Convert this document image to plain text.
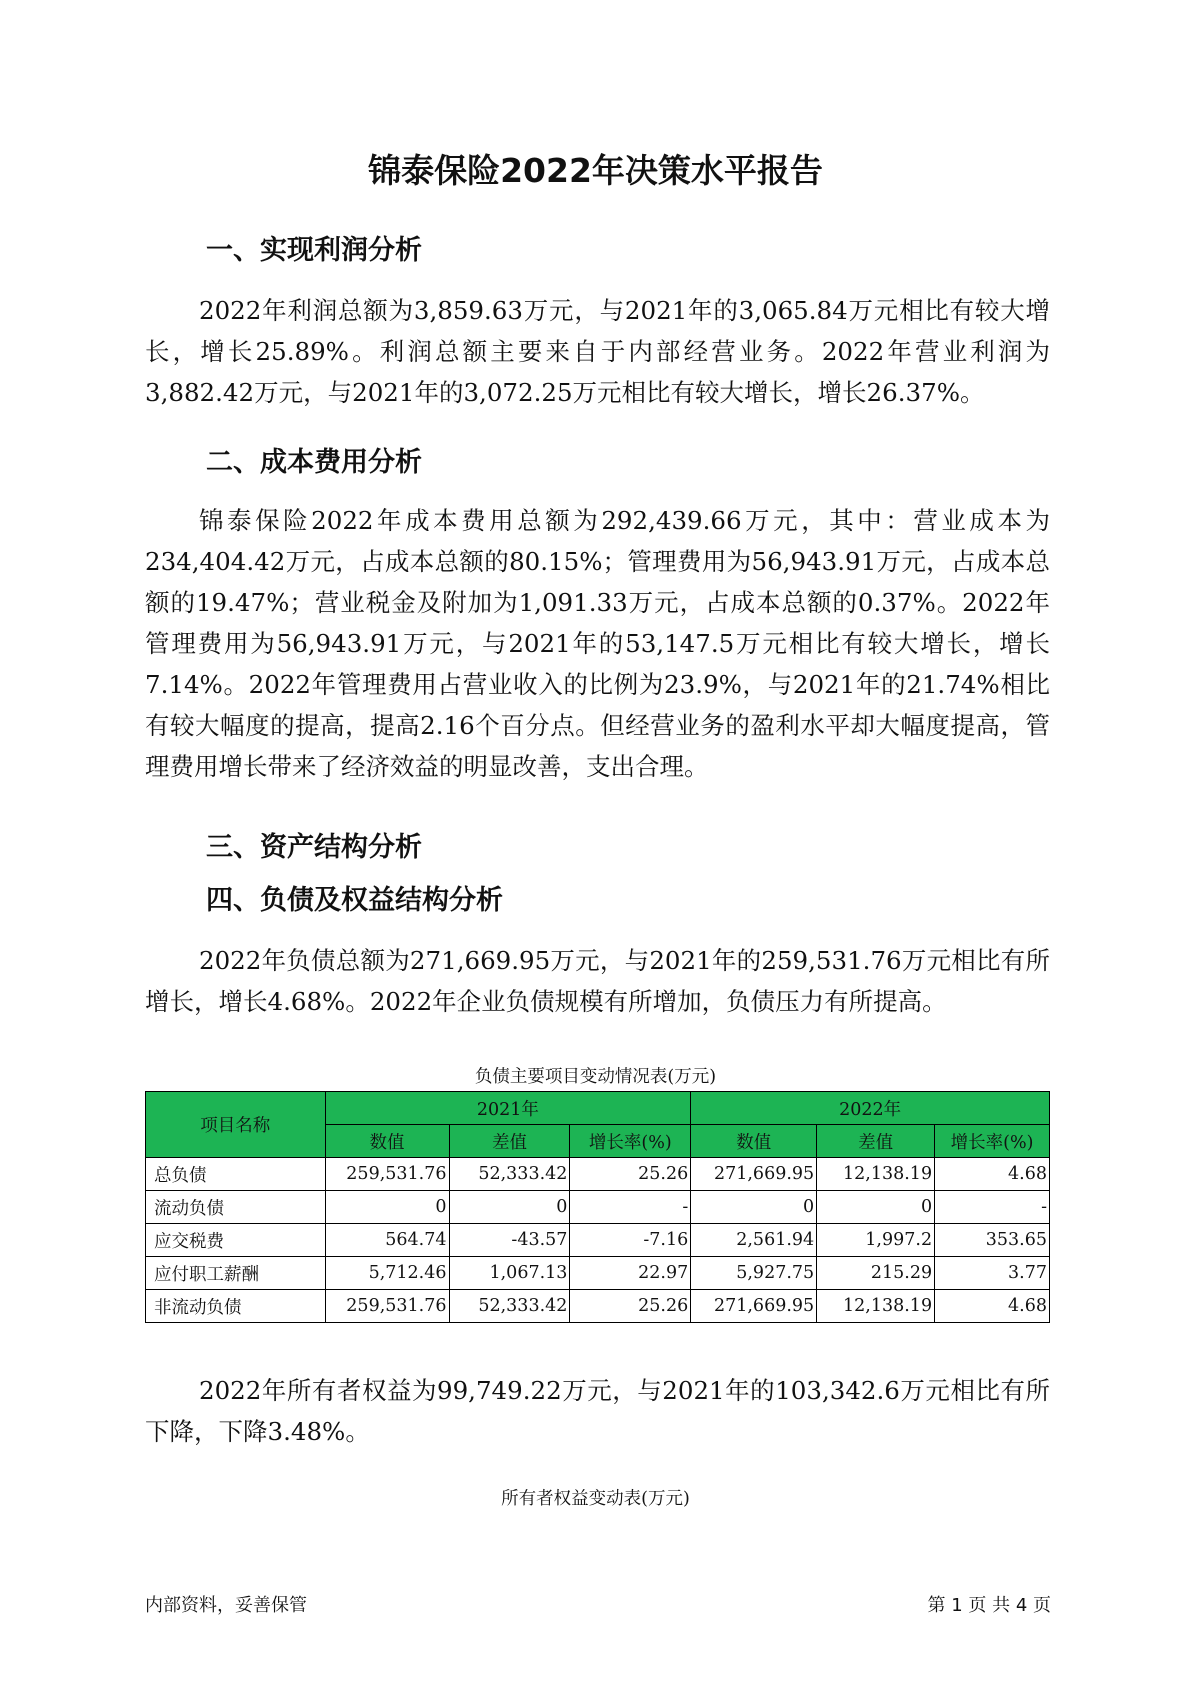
锦泰保险2022年决策水平报告
一、实现利润分析

2022年利润总额为3,859.63万元，与2021年的3,065.84万元相比有较大增长，增长25.89%。利润总额主要来自于内部经营业务。2022年营业利润为3,882.42万元，与2021年的3,072.25万元相比有较大增长，增长26.37%。

二、成本费用分析

锦泰保险2022年成本费用总额为292,439.66万元，其中：营业成本为234,404.42万元，占成本总额的80.15%；管理费用为56,943.91万元，占成本总额的19.47%；营业税金及附加为1,091.33万元，占成本总额的0.37%。2022年管理费用为56,943.91万元，与2021年的53,147.5万元相比有较大增长，增长7.14%。2022年管理费用占营业收入的比例为23.9%，与2021年的21.74%相比有较大幅度的提高，提高2.16个百分点。但经营业务的盈利水平却大幅度提高，管理费用增长带来了经济效益的明显改善，支出合理。

三、资产结构分析
四、负债及权益结构分析

2022年负债总额为271,669.95万元，与2021年的259,531.76万元相比有所增长，增长4.68%。2022年企业负债规模有所增加，负债压力有所提高。

负债主要项目变动情况表(万元)

项目名称	2021年			2022年		
	数值	差值	增长率(%)	数值	差值	增长率(%)
总负债	259,531.76	52,333.42	25.26	271,669.95	12,138.19	4.68
流动负债	0	0	-	0	0	-
应交税费	564.74	-43.57	-7.16	2,561.94	1,997.2	353.65
应付职工薪酬	5,712.46	1,067.13	22.97	5,927.75	215.29	3.77
非流动负债	259,531.76	52,333.42	25.26	271,669.95	12,138.19	4.68

2022年所有者权益为99,749.22万元，与2021年的103,342.6万元相比有所下降，下降3.48%。

所有者权益变动表(万元)

内部资料，妥善保管	第 1 页 共 4 页
